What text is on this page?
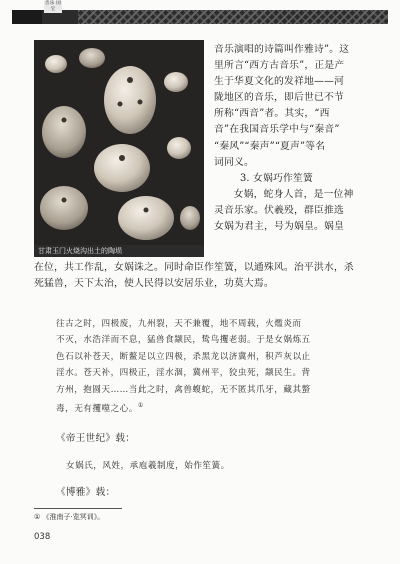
音乐 国宝
甘肃玉门火烧沟出土的陶埙

音乐演唱的诗篇叫作雅诗”。这

里所言“西方古音乐”，正是产

生于华夏文化的发祥地——河

陇地区的音乐，即后世已不节

所称“西音”者。其实，“西

音”在我国音乐学中与“秦音”

“秦风”“秦声”“夏声”等名

词同义。

3. 女娲巧作笙簧

女娲，蛇身人首，是一位神

灵音乐家。伏羲殁，群臣推选

女娲为君主，号为娲皇。娲皇

在位，共工作乱，女娲诛之。同时命臣作笙簧，以通殊风。治平洪水，杀
死猛兽，天下太治，使人民得以安居乐业，功莫大焉。
往古之时，四极废，九州裂，天不兼覆，地不周载，火爁炎而
不灭，水浩洋而不息，猛兽食颛民，鸷鸟攫老弱。于是女娲炼五
色石以补苍天，断鳌足以立四极，杀黑龙以济冀州，积芦灰以止
淫水。苍天补，四极正，淫水涸，冀州平，狡虫死，颛民生。背
方州，抱圆天……当此之时，禽兽蝮蛇，无不匿其爪牙，藏其螫
毒，无有攫噬之心。①
《帝王世纪》载：
女娲氏，风姓，承庖羲制度，始作笙簧。
《博雅》载：
① 《淮南子·览冥训》。
038
